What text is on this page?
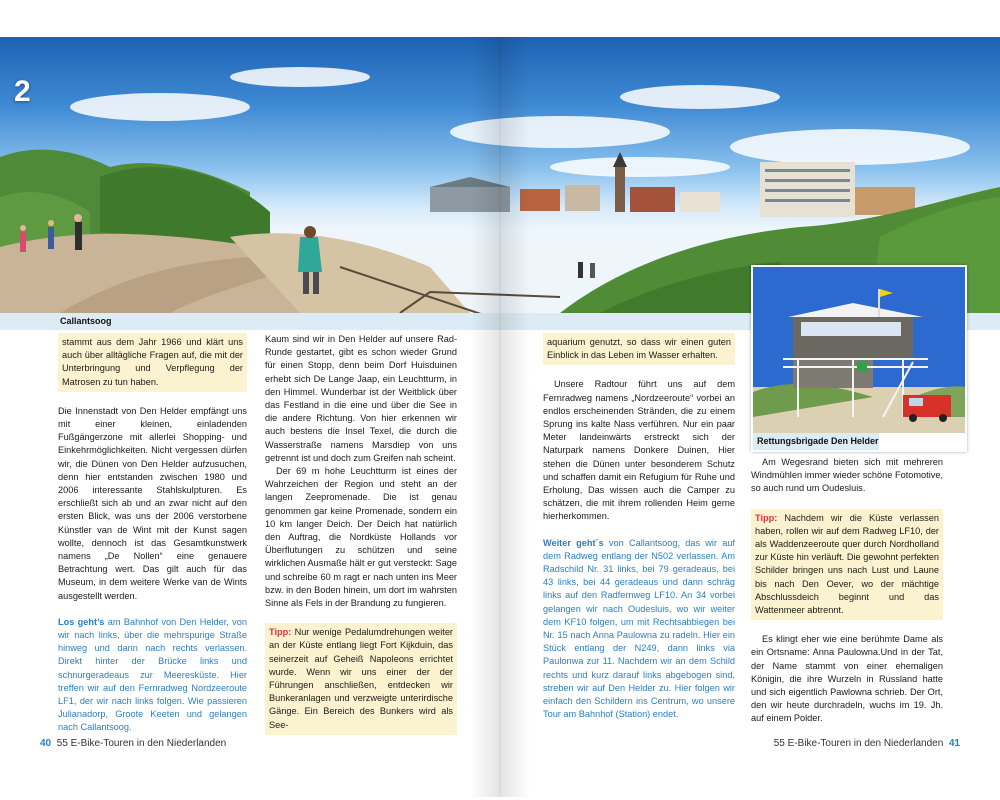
2
Callantsoog
Rettungsbrigade Den Helder
stammt aus dem Jahr 1966 und klärt uns auch über alltägliche Fragen auf, die mit der Unterbringung und Verpflegung der Matrosen zu tun haben.

Die Innenstadt von Den Helder empfängt uns mit einer kleinen, einladenden Fußgängerzone mit allerlei Shopping- und Einkehrmöglichkeiten. Nicht vergessen dürfen wir, die Dünen von Den Helder aufzusuchen, denn hier entstanden zwischen 1980 und 2006 interessante Stahlskulpturen. Es erschließt sich ab und an zwar nicht auf den ersten Blick, was uns der 2006 verstorbene Künstler van de Wint mit der Kunst sagen wollte, dennoch ist das Gesamtkunstwerk namens „De Nollen“ eine genauere Betrachtung wert. Das gilt auch für das Museum, in dem weitere Werke van de Wints ausgestellt werden.

Los geht’s am Bahnhof von Den Helder, von wir nach links, über die mehrspurige Straße hinweg und dann nach rechts verlassen. Direkt hinter der Brücke links und schnurgeradeaus zur Meeresküste. Hier treffen wir auf den Fernradweg Nordzeeroute LF1, der wir nach links folgen. Wie passieren Julianadorp, Groote Keeten und gelangen nach Callantsoog.

Kaum sind wir in Den Helder auf unsere Rad-Runde gestartet, gibt es schon wieder Grund für einen Stopp, denn beim Dorf Huisduinen erhebt sich De Lange Jaap, ein Leuchtturm, in den Himmel. Wunderbar ist der Weitblick über das Festland in die eine und über die See in die andere Richtung. Von hier erkennen wir auch bestens die Insel Texel, die durch die Wasserstraße namens Marsdiep von uns getrennt ist und doch zum Greifen nah scheint.

Der 69 m hohe Leuchtturm ist eines der Wahrzeichen der Region und steht an der langen Zeepromenade. Die ist genau genommen gar keine Promenade, sondern ein 10 km langer Deich. Der Deich hat natürlich den Auftrag, die Nordküste Hollands vor Überflutungen zu schützen und seine wirklichen Ausmaße hält er gut versteckt: Sage und schreibe 60 m ragt er nach unten ins Meer bzw. in den Boden hinein, um dort im wahrsten Sinne als Fels in der Brandung zu fungieren.

Tipp: Nur wenige Pedalumdrehungen weiter an der Küste entlang liegt Fort Kijkduin, das seinerzeit auf Geheiß Napoleons errichtet wurde. Wenn wir uns einer der der Führungen anschließen, entdecken wir Bunkeranlagen und verzweigte unterirdische Gänge. Ein Bereich des Bunkers wird als See-
aquarium genutzt, so dass wir einen guten Einblick in das Leben im Wasser erhalten.

Unsere Radtour führt uns auf dem Fernradweg namens „Nordzeeroute“ vorbei an endlos erscheinenden Stränden, die zu einem Sprung ins kalte Nass verführen. Nur ein paar Meter landeinwärts erstreckt sich der Naturpark namens Donkere Duinen, Hier stehen die Dünen unter besonderem Schutz und schaffen damit ein Refugium für Ruhe und Erholung, Das wissen auch die Camper zu schätzen, die mit ihrem rollenden Heim gerne hierherkommen.

Weiter geht´s von Callantsoog, das wir auf dem Radweg entlang der N502 verlassen. Am Radschild Nr. 31 links, bei 79 geradeaus, bei 43 links, bei 44 geradeaus und dann schräg links auf den Radfernweg LF10. An 34 vorbei gelangen wir nach Oudesluis, wo wir weiter dem KF10 folgen, um mit Rechtsabbiegen bei Nr. 15 nach Anna Paulowna zu radeln. Hier ein Stück entlang der N249, dann links via Paulonwa zur 11. Nachdem wir an dem Schild rechts und kurz darauf links abgebogen sind, streben wir auf Den Helder zu. Hier folgen wir einfach den Schildern ins Centrum, wo unsere Tour am Bahnhof (Station) endet.

Am Wegesrand bieten sich mit mehreren Windmühlen immer wieder schöne Fotomotive, so auch rund um Oudesluis.

Tipp: Nachdem wir die Küste verlassen haben, rollen wir auf dem Radweg LF10, der als Waddenzeeroute quer durch Nordholland zur Küste hin verläuft. Die gewohnt perfekten Schilder bringen uns nach Lust und Laune bis nach Den Oever, wo der mächtige Abschlussdeich beginnt und das Wattenmeer abtrennt.

Es klingt eher wie eine berühmte Dame als ein Ortsname: Anna Paulowna.Und in der Tat, der Name stammt von einer ehemaligen Königin, die ihre Wurzeln in Russland hatte und sich eigentlich Pawlowna schrieb. Der Ort, den wir heute durchradeln, wuchs im 19. Jh. auf einem Polder.

40 55 E-Bike-Touren in den Niederlanden	55 E-Bike-Touren in den Niederlanden 41
